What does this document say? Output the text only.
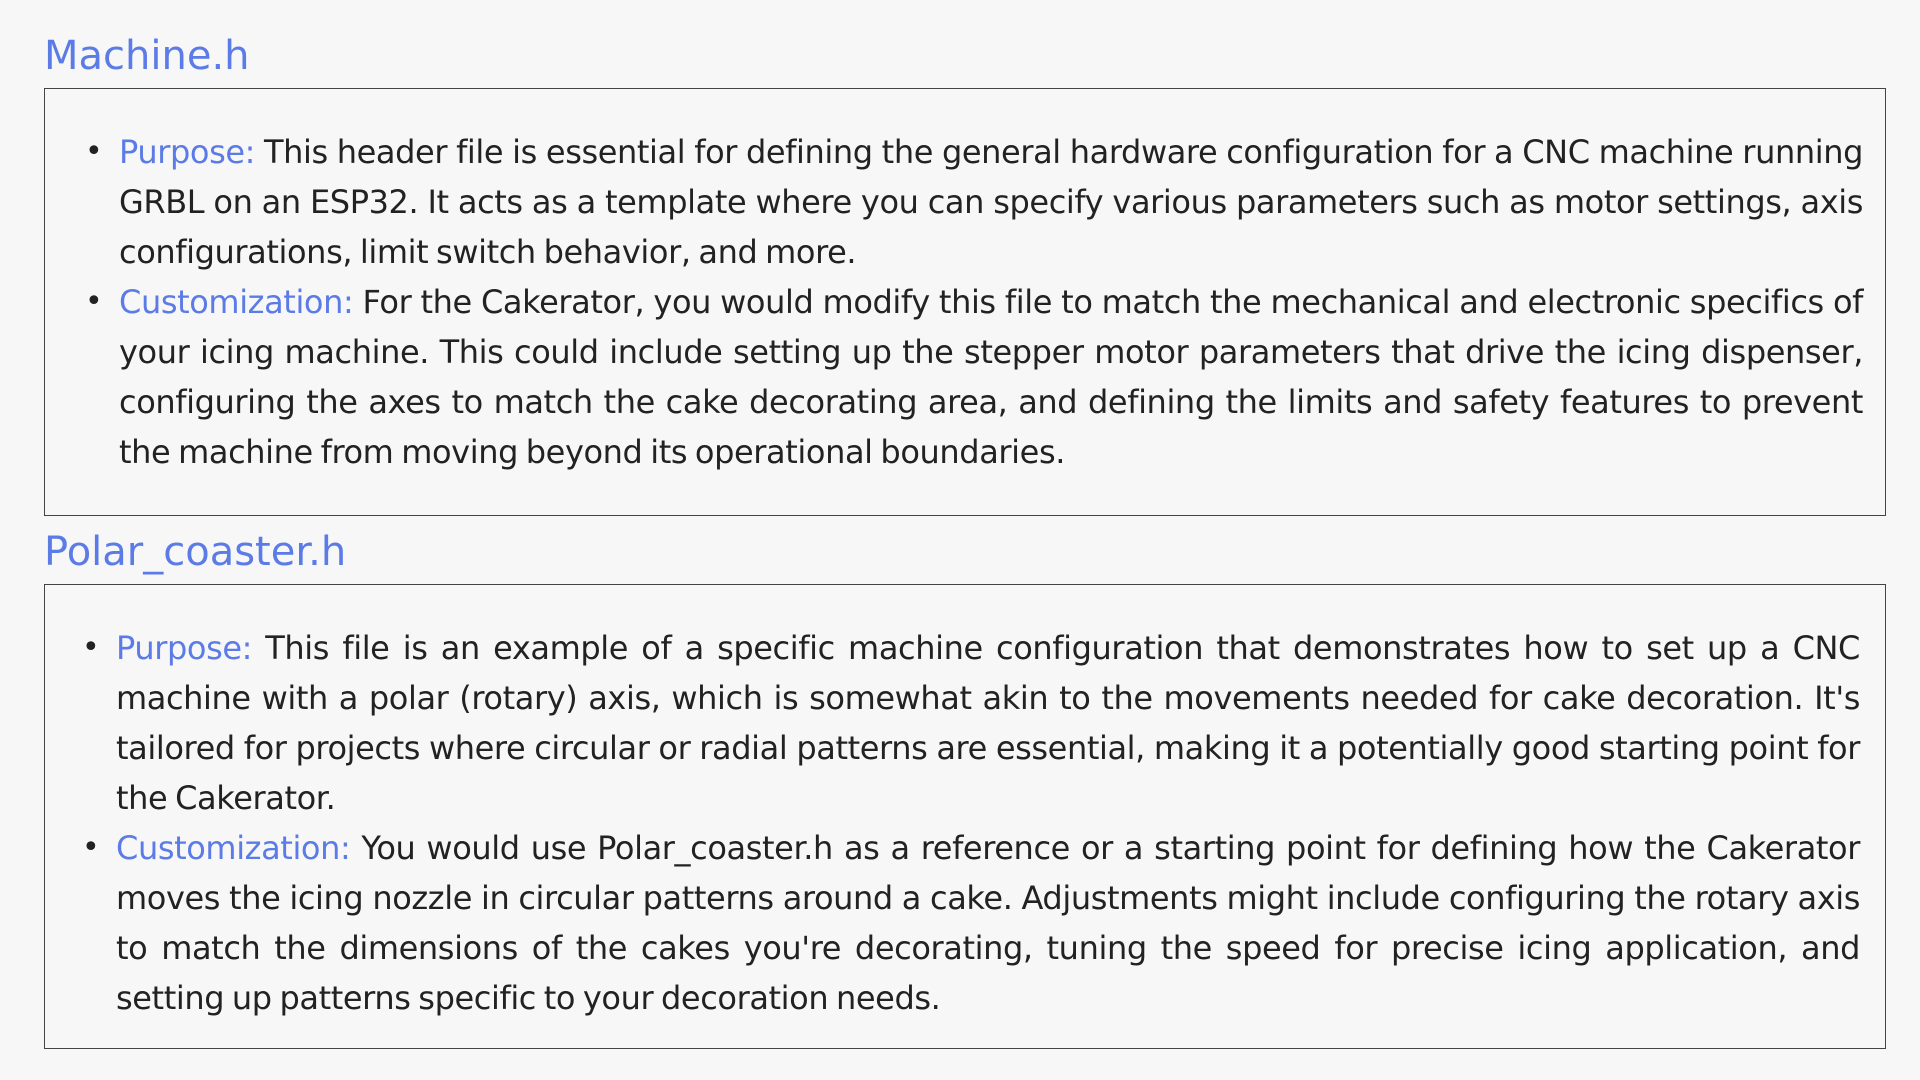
Machine.h
• Purpose: This header file is essential for defining the general hardware configuration for a CNC machine running GRBL on an ESP32. It acts as a template where you can specify various parameters such as motor settings, axis configurations, limit switch behavior, and more.
• Customization: For the Cakerator, you would modify this file to match the mechanical and electronic specifics of your icing machine. This could include setting up the stepper motor parameters that drive the icing dispenser, configuring the axes to match the cake decorating area, and defining the limits and safety features to prevent the machine from moving beyond its operational boundaries.
Polar_coaster.h
• Purpose: This file is an example of a specific machine configuration that demonstrates how to set up a CNC machine with a polar (rotary) axis, which is somewhat akin to the movements needed for cake decoration. It's tailored for projects where circular or radial patterns are essential, making it a potentially good starting point for the Cakerator.
• Customization: You would use Polar_coaster.h as a reference or a starting point for defining how the Cakerator moves the icing nozzle in circular patterns around a cake. Adjustments might include configuring the rotary axis to match the dimensions of the cakes you're decorating, tuning the speed for precise icing application, and setting up patterns specific to your decoration needs.
